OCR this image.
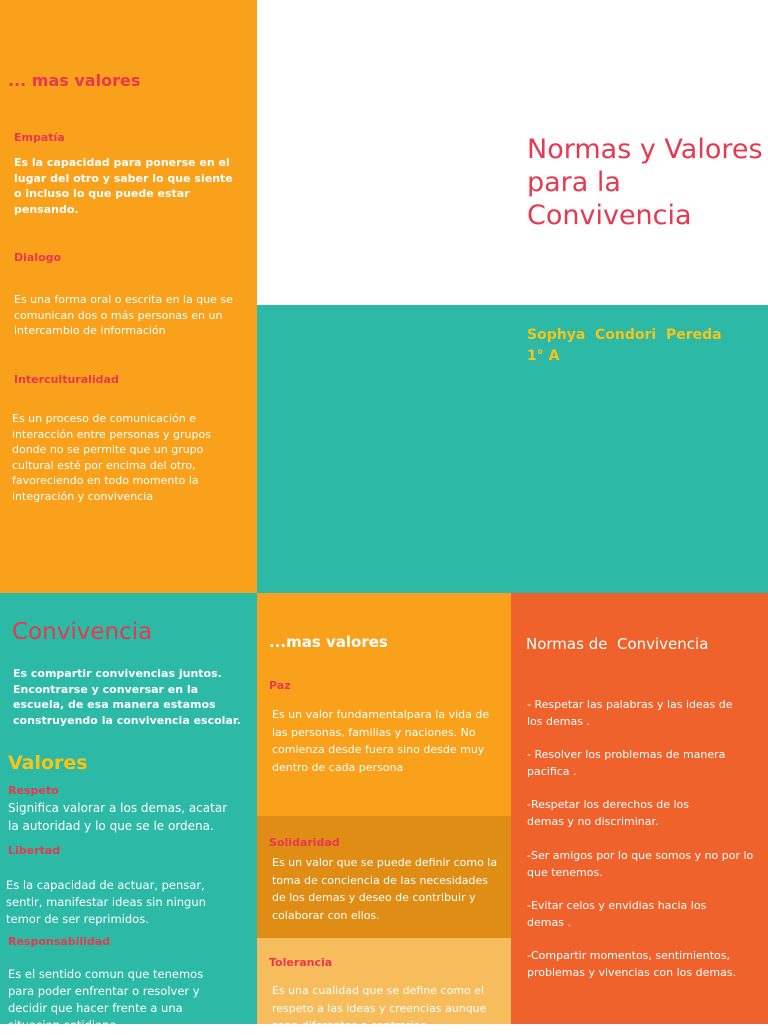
... mas valores
Empatía

Es la capacidad para ponerse en el lugar del otro y saber lo que siente o incluso lo que puede estar pensando.

Dialogo

Es una forma oral o escrita en la que se comunican dos o más personas en un intercambio de información

Interculturalidad

Es un proceso de comunicación e interacción entre personas y grupos donde no se permite que un grupo cultural esté por encima del otro, favoreciendo en todo momento la integración y convivencia

Normas y Valores para la Convivencia

Sophya  Condori  Pereda

1° A

Convivencia

Es compartir convivencias juntos. Encontrarse y conversar en la escuela, de esa manera estamos construyendo la convivencia escolar.

Valores
Respeto

Significa valorar a los demas, acatar la autoridad y lo que se le ordena.

Libertad

Es la capacidad de actuar, pensar, sentir, manifestar ideas sin ningun temor de ser reprimidos.

Responsabilidad

Es el sentido comun que tenemos para poder enfrentar o resolver y decidir que hacer frente a una situacion cotidiana

...mas valores
Paz

Es un valor fundamentalpara la vida de las personas, familias y naciones. No comienza desde fuera sino desde muy dentro de cada persona

Solidaridad

Es un valor que se puede definir como la toma de conciencia de las necesidades de los demas y deseo de contribuir y colaborar con ellos.

Tolerancia

Es una cualidad que se define como el respeto a las ideas y creencias aunque sean diferentes o contrarias

Normas de  Convivencia

- Respetar las palabras y las ideas de los demas .

- Resolver los problemas de manera pacifica .

-Respetar los derechos de los demas y no discriminar.

-Ser amigos por lo que somos y no por lo que tenemos.

-Evitar celos y envidias hacia los demas .

-Compartir momentos, sentimientos, problemas y vivencias con los demas.
